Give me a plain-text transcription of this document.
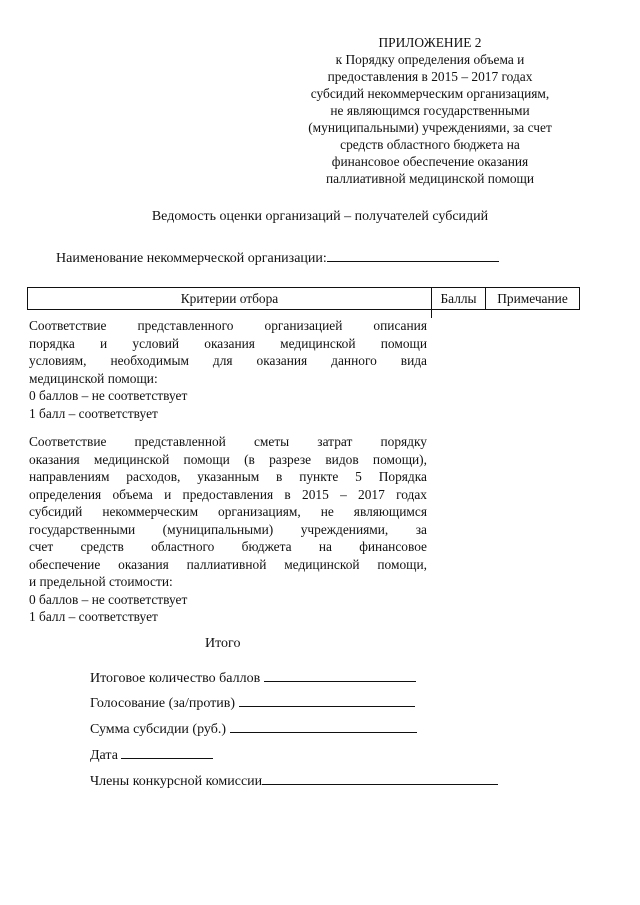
ПРИЛОЖЕНИЕ 2
к Порядку определения объема и
предоставления в 2015 – 2017 годах
субсидий некоммерческим организациям,
не являющимся государственными
(муниципальными) учреждениями, за счет
средств областного бюджета на
финансовое обеспечение оказания
паллиативной медицинской помощи
Ведомость оценки организаций – получателей субсидий
Наименование некоммерческой организации:
Критерии отбора	Баллы	Примечание
Соответствие представленного организацией описания
порядка и условий оказания медицинской помощи
условиям, необходимым для оказания данного вида
медицинской помощи:
0 баллов – не соответствует
1 балл – соответствует
Соответствие представленной сметы затрат порядку
оказания медицинской помощи (в разрезе видов помощи),
направлениям расходов, указанным в пункте 5 Порядка
определения объема и предоставления в 2015 – 2017 годах
субсидий некоммерческим организациям, не являющимся
государственными (муниципальными) учреждениями, за
счет средств областного бюджета на финансовое
обеспечение оказания паллиативной медицинской помощи,
и предельной стоимости:
0 баллов – не соответствует
1 балл – соответствует
Итого
Итоговое количество баллов
Голосование (за/против)
Сумма субсидии (руб.)
Дата
Члены конкурсной комиссии
